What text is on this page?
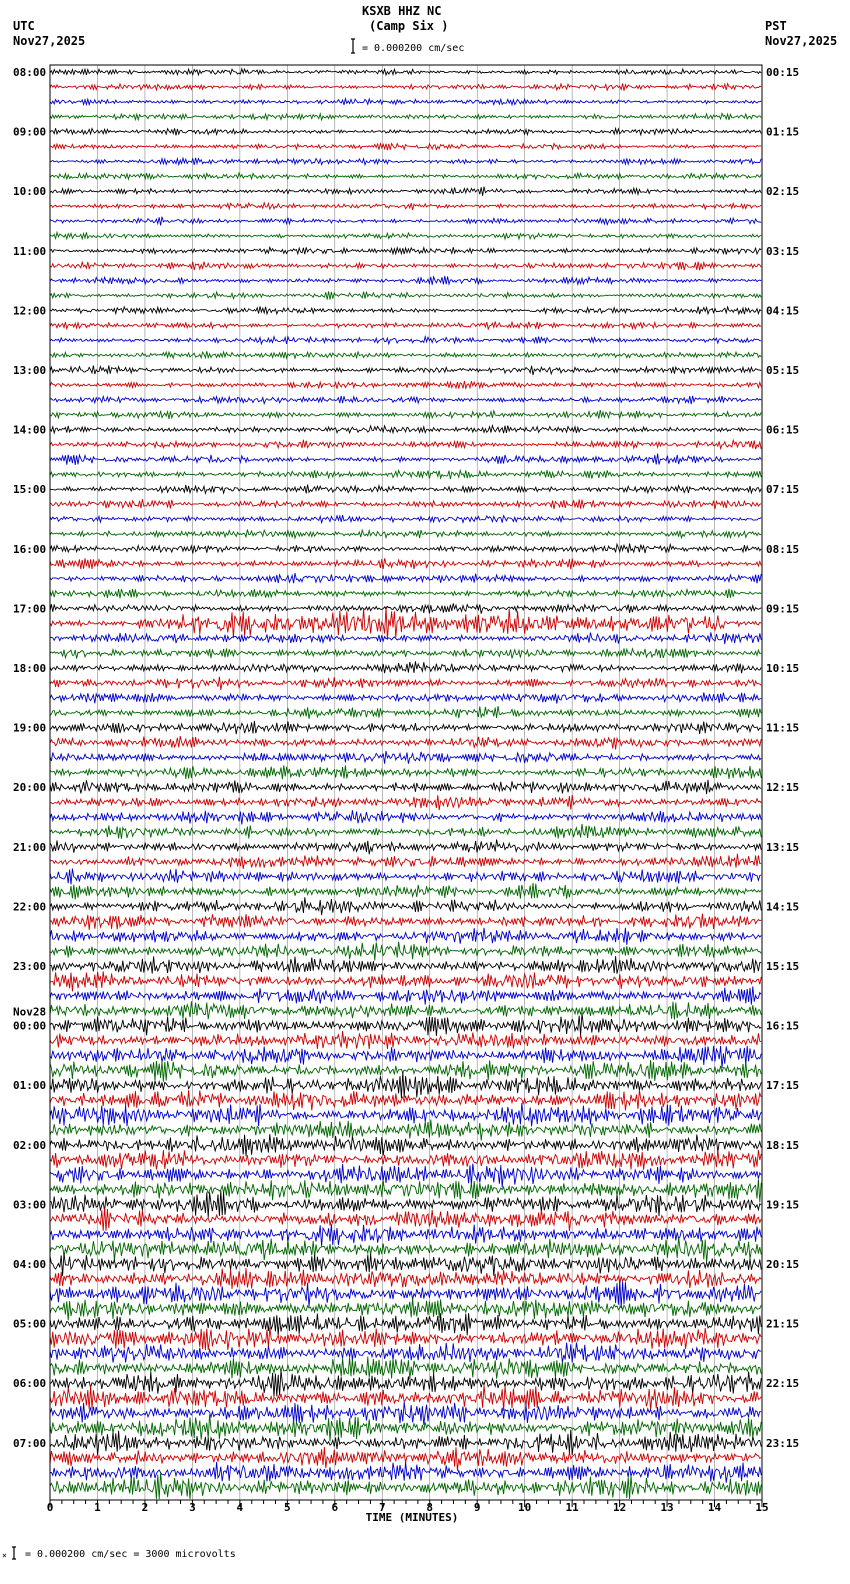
KSXB HHZ NC
(Camp Six )
= 0.000200 cm/sec
UTC
Nov27,2025
PST
Nov27,2025
= 0.000200 cm/sec = 3000 microvolts
×
08:00
09:00
10:00
11:00
12:00
13:00
14:00
15:00
16:00
17:00
18:00
19:00
20:00
21:00
22:00
23:00
00:00
01:00
02:00
03:00
04:00
05:00
06:00
07:00
Nov28
00:15
01:15
02:15
03:15
04:15
05:15
06:15
07:15
08:15
09:15
10:15
11:15
12:15
13:15
14:15
15:15
16:15
17:15
18:15
19:15
20:15
21:15
22:15
23:15
0	1	2	3	4	5	6	7	8	9	10	11	12	13	14	15
TIME (MINUTES)
